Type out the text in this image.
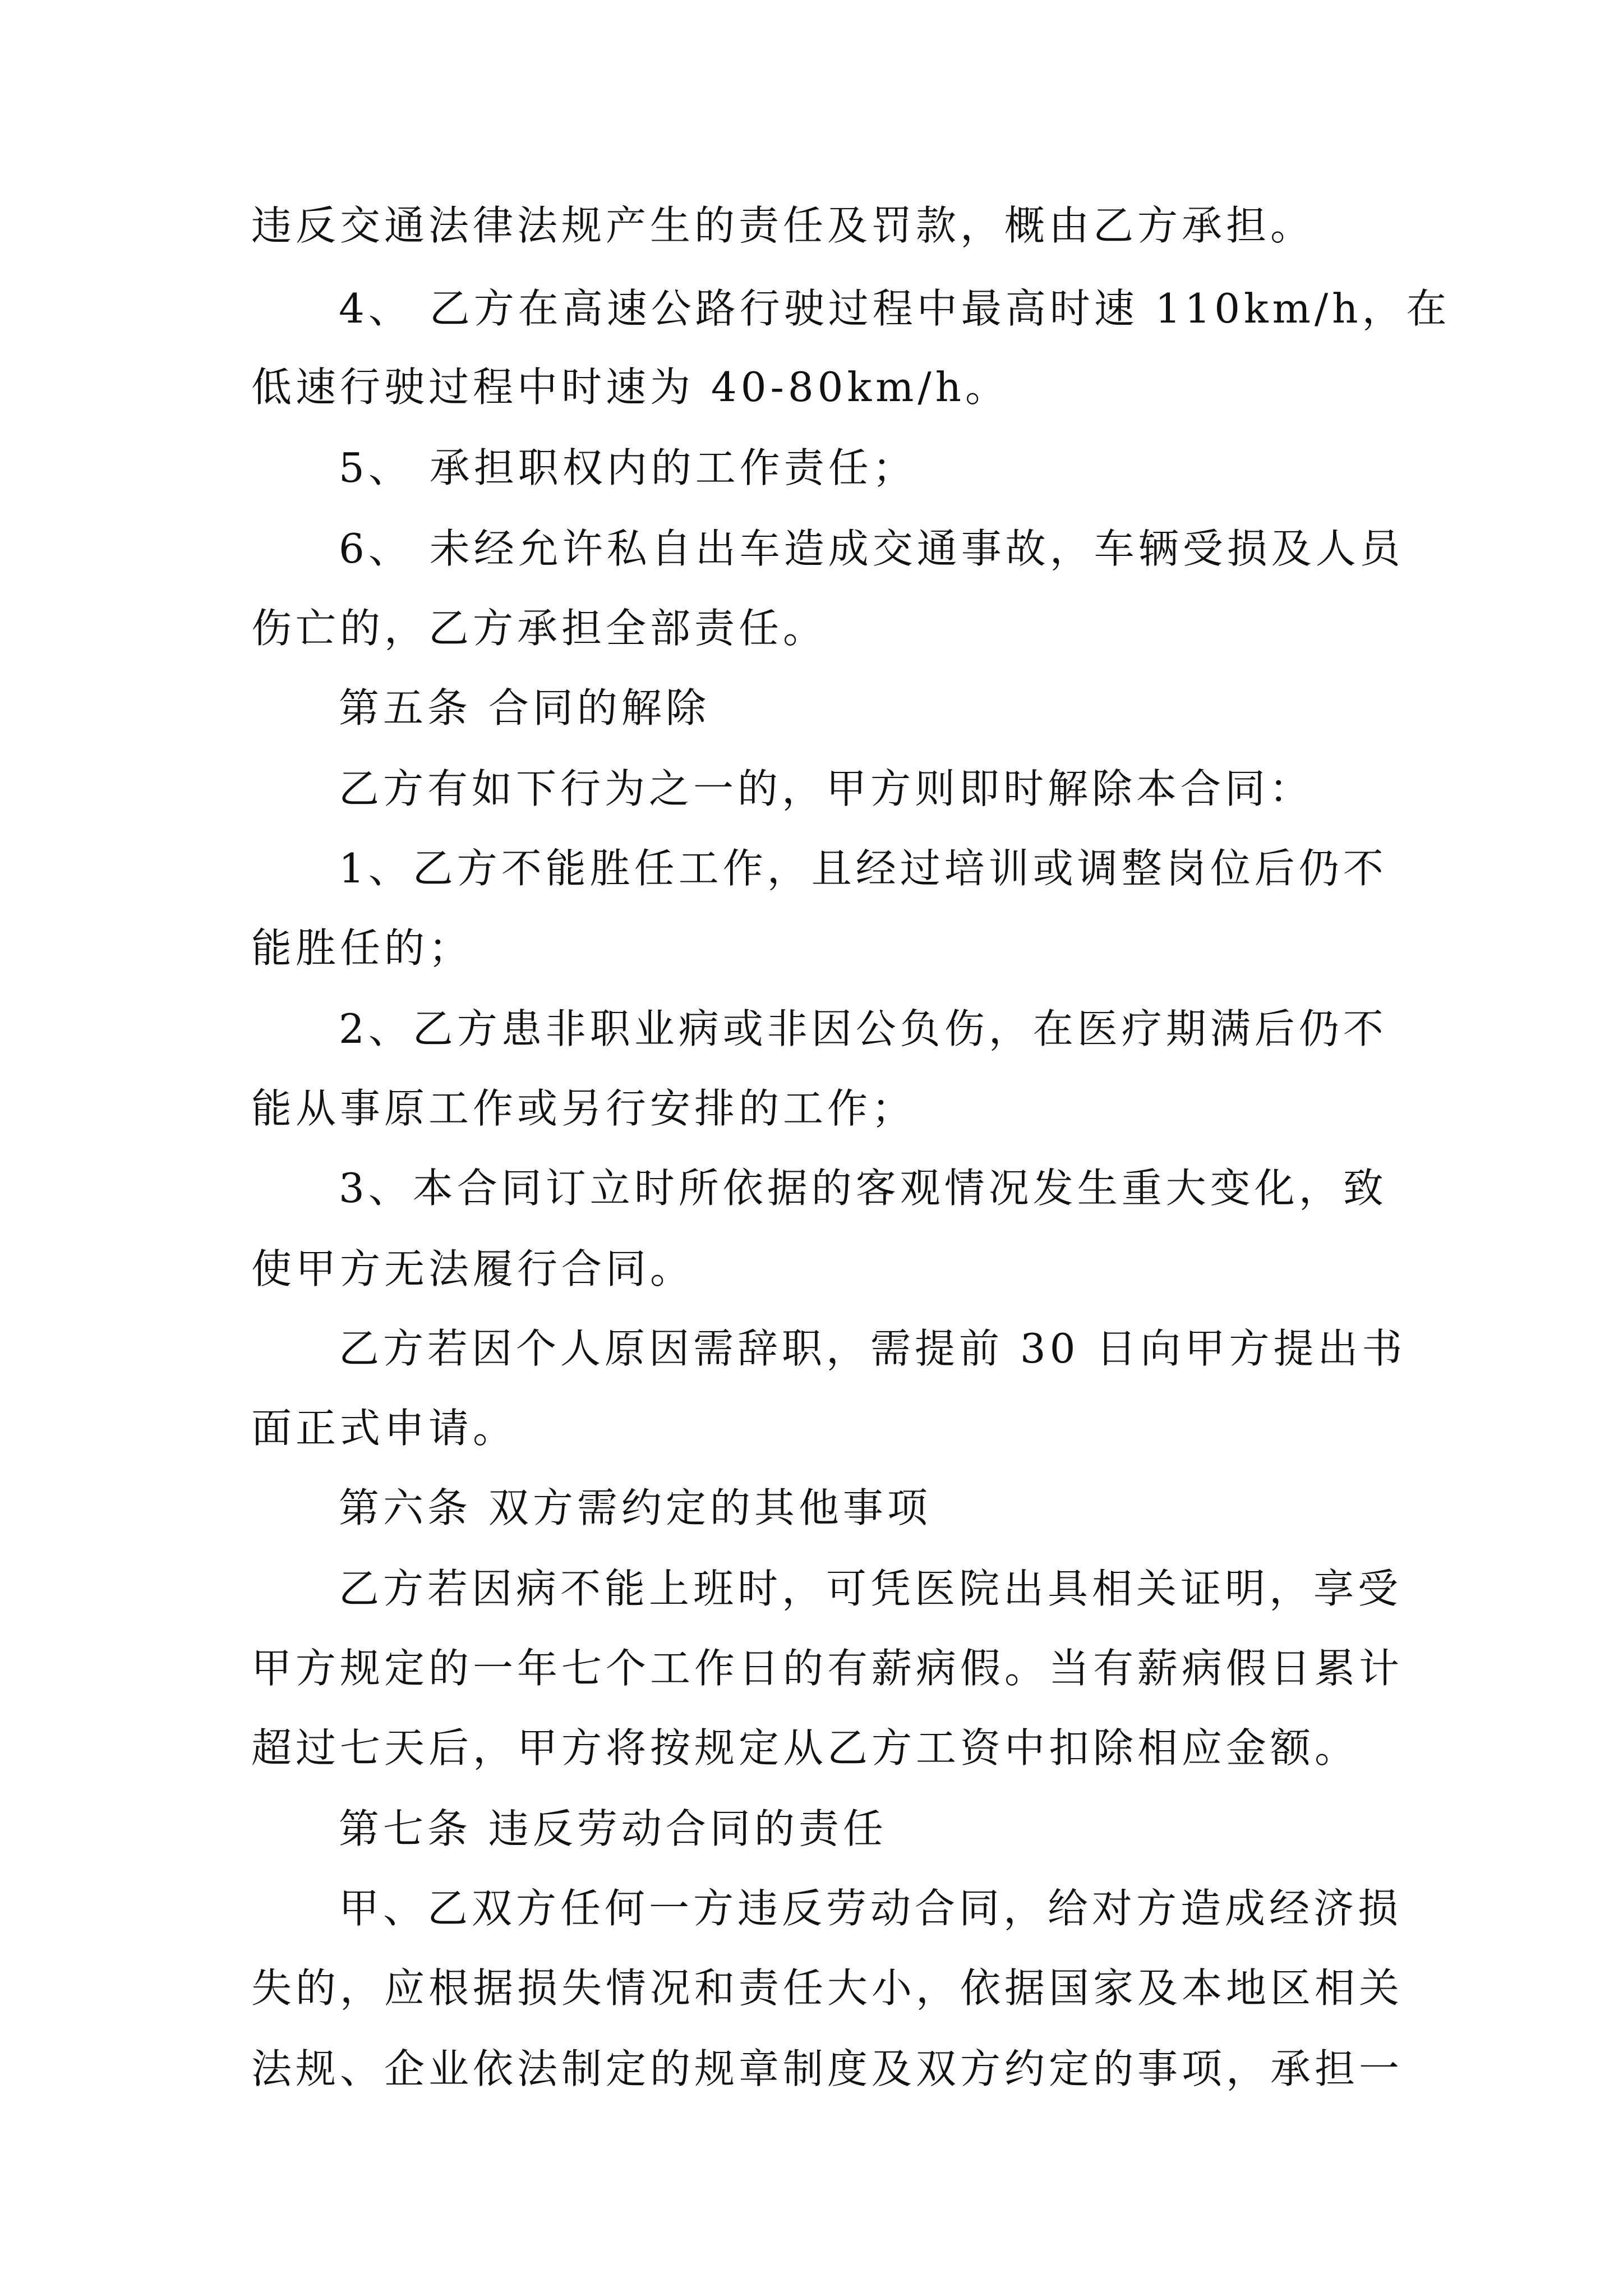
违反交通法律法规产生的责任及罚款，概由乙方承担。
4、 乙方在高速公路行驶过程中最高时速 110km/h，在
低速行驶过程中时速为 40-80km/h。
5、 承担职权内的工作责任；
6、 未经允许私自出车造成交通事故，车辆受损及人员
伤亡的，乙方承担全部责任。
第五条 合同的解除
乙方有如下行为之一的，甲方则即时解除本合同：
1、乙方不能胜任工作，且经过培训或调整岗位后仍不
能胜任的；
2、乙方患非职业病或非因公负伤，在医疗期满后仍不
能从事原工作或另行安排的工作；
3、本合同订立时所依据的客观情况发生重大变化，致
使甲方无法履行合同。
乙方若因个人原因需辞职，需提前 30 日向甲方提出书
面正式申请。
第六条 双方需约定的其他事项
乙方若因病不能上班时，可凭医院出具相关证明，享受
甲方规定的一年七个工作日的有薪病假。当有薪病假日累计
超过七天后，甲方将按规定从乙方工资中扣除相应金额。
第七条 违反劳动合同的责任
甲、乙双方任何一方违反劳动合同，给对方造成经济损
失的，应根据损失情况和责任大小，依据国家及本地区相关
法规、企业依法制定的规章制度及双方约定的事项，承担一
